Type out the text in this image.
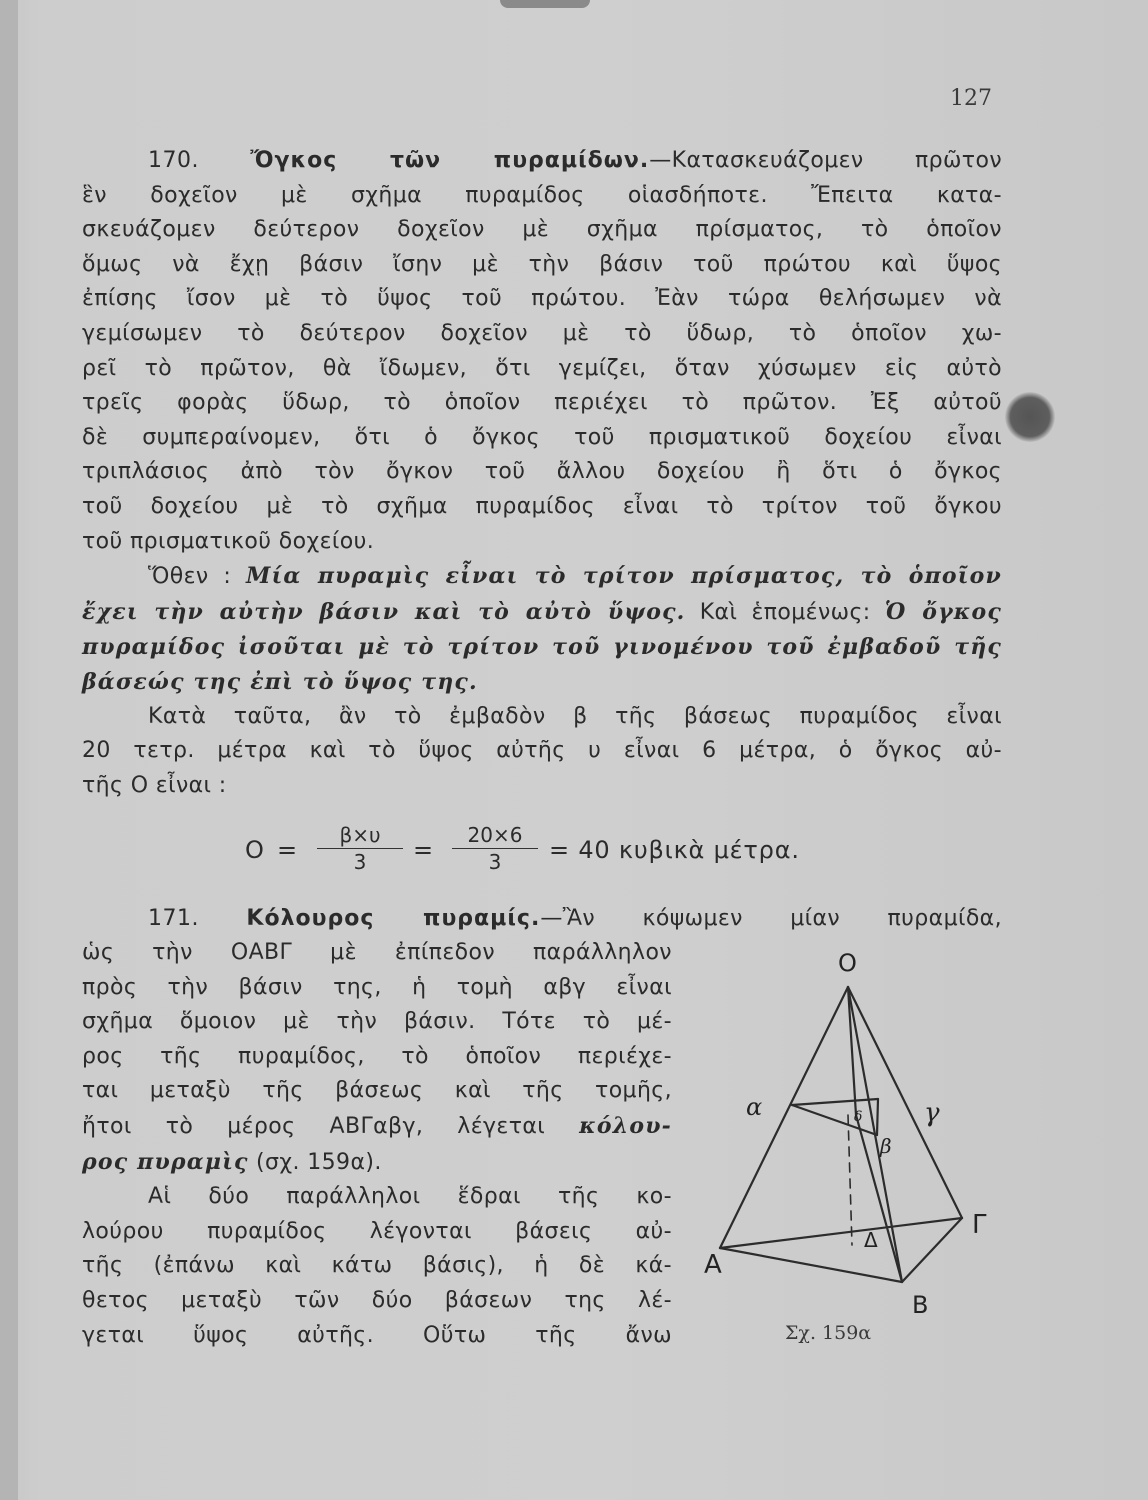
127
170. Ὄγκος τῶν πυραμίδων.—Κατασκευάζομεν πρῶτον
ἓν δοχεῖον μὲ σχῆμα πυραμίδος οἱασδήποτε. Ἔπειτα κατα-
σκευάζομεν δεύτερον δοχεῖον μὲ σχῆμα πρίσματος, τὸ ὁποῖον
ὅμως νὰ ἔχῃ βάσιν ἴσην μὲ τὴν βάσιν τοῦ πρώτου καὶ ὕψος
ἐπίσης ἴσον μὲ τὸ ὕψος τοῦ πρώτου. Ἐὰν τώρα θελήσωμεν νὰ
γεμίσωμεν τὸ δεύτερον δοχεῖον μὲ τὸ ὕδωρ, τὸ ὁποῖον χω-
ρεῖ τὸ πρῶτον, θὰ ἴδωμεν, ὅτι γεμίζει, ὅταν χύσωμεν εἰς αὐτὸ
τρεῖς φορὰς ὕδωρ, τὸ ὁποῖον περιέχει τὸ πρῶτον. Ἐξ αὐτοῦ
δὲ συμπεραίνομεν, ὅτι ὁ ὄγκος τοῦ πρισματικοῦ δοχείου εἶναι
τριπλάσιος ἀπὸ τὸν ὄγκον τοῦ ἄλλου δοχείου ἢ ὅτι ὁ ὄγκος
τοῦ δοχείου μὲ τὸ σχῆμα πυραμίδος εἶναι τὸ τρίτον τοῦ ὄγκου
τοῦ πρισματικοῦ δοχείου.
Ὅθεν : Μία πυραμὶς εἶναι τὸ τρίτον πρίσματος, τὸ ὁποῖον
ἔχει τὴν αὐτὴν βάσιν καὶ τὸ αὐτὸ ὕψος. Καὶ ἑπομένως: Ὁ ὄγκος
πυραμίδος ἰσοῦται μὲ τὸ τρίτον τοῦ γινομένου τοῦ ἐμβαδοῦ τῆς
βάσεώς της ἐπὶ τὸ ὕψος της.
Κατὰ ταῦτα, ἂν τὸ ἐμβαδὸν β τῆς βάσεως πυραμίδος εἶναι
20 τετρ. μέτρα καὶ τὸ ὕψος αὐτῆς υ εἶναι 6 μέτρα, ὁ ὄγκος αὐ-
τῆς Ο εἶναι :
O =
β×υ
3	=
20×6
3	= 40 κυβικὰ μέτρα.
171. Κόλουρος πυραμίς.—Ἂν κόψωμεν μίαν πυραμίδα,
ὡς τὴν ΟΑΒΓ μὲ ἐπίπεδον παράλληλον
πρὸς τὴν βάσιν της, ἡ τομὴ αβγ εἶναι
σχῆμα ὅμοιον μὲ τὴν βάσιν. Τότε τὸ μέ-
ρος τῆς πυραμίδος, τὸ ὁποῖον περιέχε-
ται μεταξὺ τῆς βάσεως καὶ τῆς τομῆς,
ἤτοι τὸ μέρος ΑΒΓαβγ, λέγεται κόλου-
ρος πυραμὶς (σχ. 159α).
Αἱ δύο παράλληλοι ἕδραι τῆς κο-
λούρου πυραμίδος λέγονται βάσεις αὐ-
τῆς (ἐπάνω καὶ κάτω βάσις), ἡ δὲ κά-
θετος μεταξὺ τῶν δύο βάσεων της λέ-
γεται ὕψος αὐτῆς. Οὕτω τῆς ἄνω
Ο
α	γ
β
δ
Α
Β
Γ
Δ
Σχ. 159α
